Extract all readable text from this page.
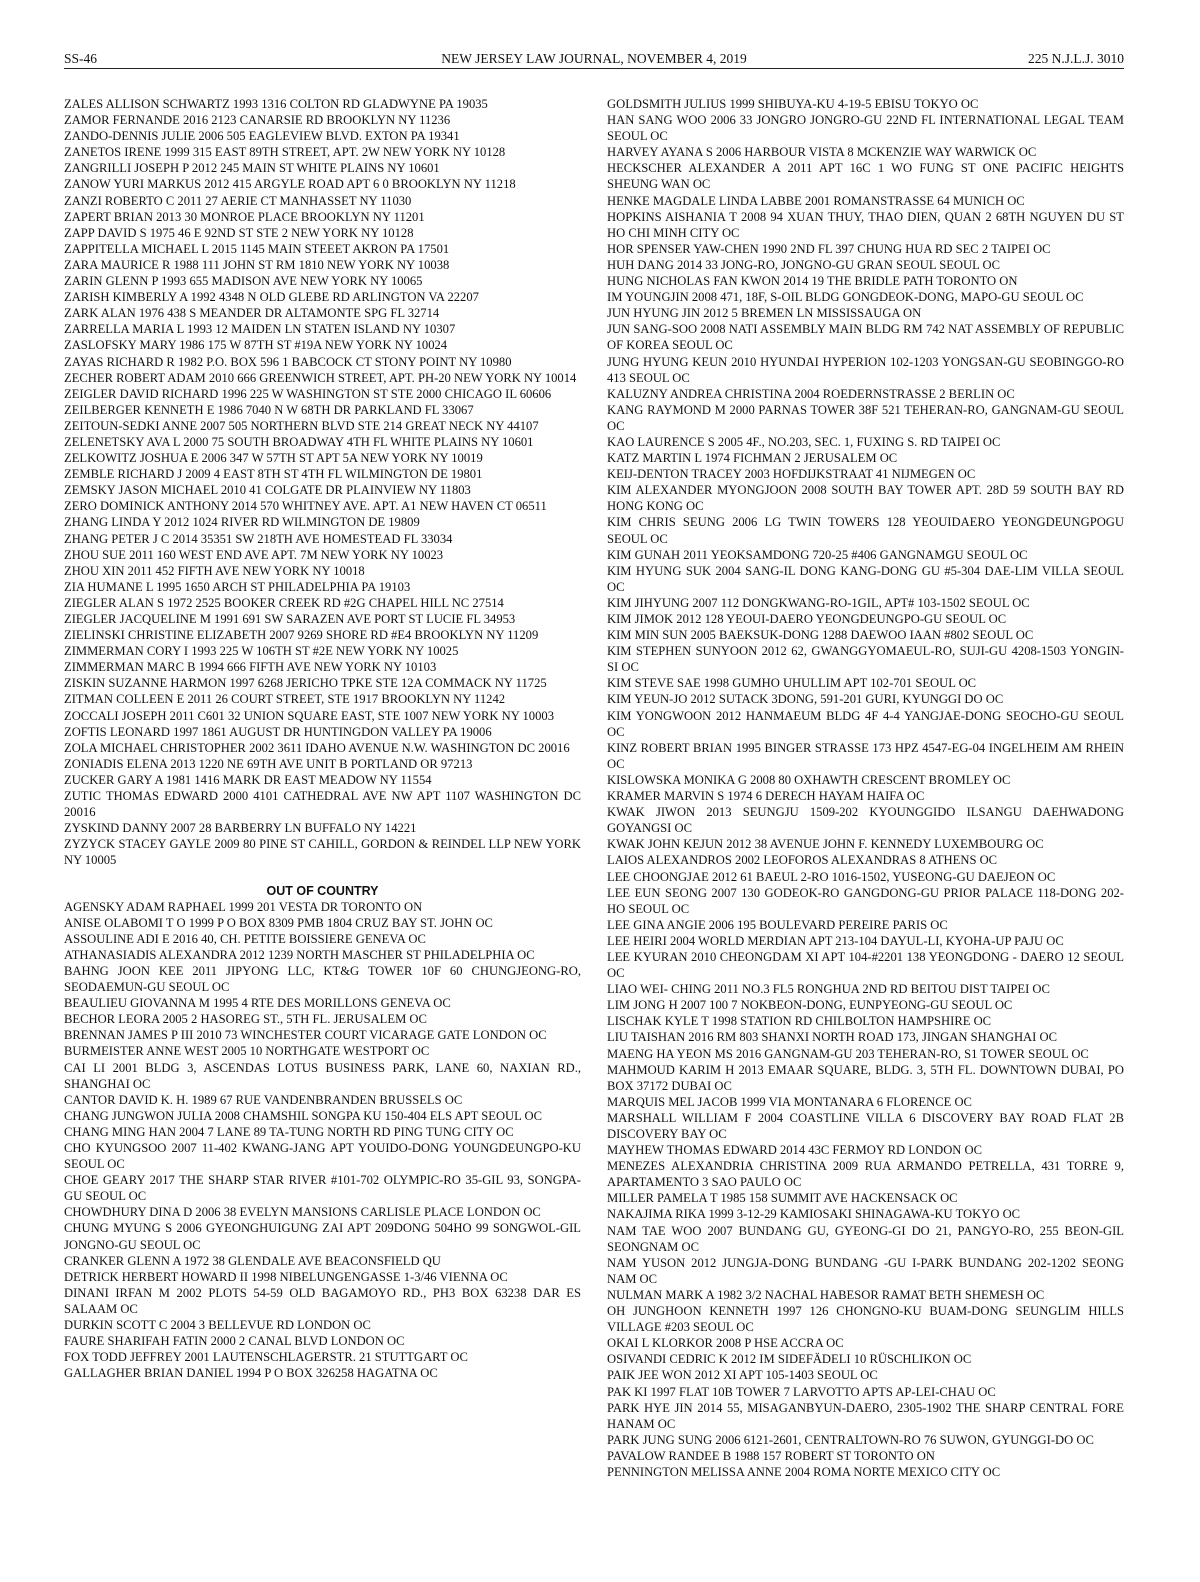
SS-46	NEW JERSEY LAW JOURNAL, NOVEMBER 4, 2019	225 N.J.L.J. 3010

ZALES ALLISON SCHWARTZ 1993 1316 COLTON RD GLADWYNE PA 19035

ZAMOR FERNANDE 2016 2123 CANARSIE RD BROOKLYN NY 11236

ZANDO-DENNIS JULIE 2006 505 EAGLEVIEW BLVD. EXTON PA 19341

ZANETOS IRENE 1999 315 EAST 89TH STREET, APT. 2W NEW YORK NY 10128

ZANGRILLI JOSEPH P 2012 245 MAIN ST WHITE PLAINS NY 10601

ZANOW YURI MARKUS 2012 415 ARGYLE ROAD APT 6 0 BROOKLYN NY 11218

ZANZI ROBERTO C 2011 27 AERIE CT MANHASSET NY 11030

ZAPERT BRIAN 2013 30 MONROE PLACE BROOKLYN NY 11201

ZAPP DAVID S 1975 46 E 92ND ST STE 2 NEW YORK NY 10128

ZAPPITELLA MICHAEL L 2015 1145 MAIN STEEET AKRON PA 17501

ZARA MAURICE R 1988 111 JOHN ST RM 1810 NEW YORK NY 10038

ZARIN GLENN P 1993 655 MADISON AVE NEW YORK NY 10065

ZARISH KIMBERLY A 1992 4348 N OLD GLEBE RD ARLINGTON VA 22207

ZARK ALAN 1976 438 S MEANDER DR ALTAMONTE SPG FL 32714

ZARRELLA MARIA L 1993 12 MAIDEN LN STATEN ISLAND NY 10307

ZASLOFSKY MARY 1986 175 W 87TH ST #19A NEW YORK NY 10024

ZAYAS RICHARD R 1982 P.O. BOX 596 1 BABCOCK CT STONY POINT NY 10980

ZECHER ROBERT ADAM 2010 666 GREENWICH STREET, APT. PH-20 NEW YORK NY 10014

ZEIGLER DAVID RICHARD 1996 225 W WASHINGTON ST STE 2000 CHICAGO IL 60606

ZEILBERGER KENNETH E 1986 7040 N W 68TH DR PARKLAND FL 33067

ZEITOUN-SEDKI ANNE 2007 505 NORTHERN BLVD STE 214 GREAT NECK NY 44107

ZELENETSKY AVA L 2000 75 SOUTH BROADWAY 4TH FL WHITE PLAINS NY 10601

ZELKOWITZ JOSHUA E 2006 347 W 57TH ST APT 5A NEW YORK NY 10019

ZEMBLE RICHARD J 2009 4 EAST 8TH ST 4TH FL WILMINGTON DE 19801

ZEMSKY JASON MICHAEL 2010 41 COLGATE DR PLAINVIEW NY 11803

ZERO DOMINICK ANTHONY 2014 570 WHITNEY AVE. APT. A1 NEW HAVEN CT 06511

ZHANG LINDA Y 2012 1024 RIVER RD WILMINGTON DE 19809

ZHANG PETER J C 2014 35351 SW 218TH AVE HOMESTEAD FL 33034

ZHOU SUE 2011 160 WEST END AVE APT. 7M NEW YORK NY 10023

ZHOU XIN 2011 452 FIFTH AVE NEW YORK NY 10018

ZIA HUMANE L 1995 1650 ARCH ST PHILADELPHIA PA 19103

ZIEGLER ALAN S 1972 2525 BOOKER CREEK RD #2G CHAPEL HILL NC 27514

ZIEGLER JACQUELINE M 1991 691 SW SARAZEN AVE PORT ST LUCIE FL 34953

ZIELINSKI CHRISTINE ELIZABETH 2007 9269 SHORE RD #E4 BROOKLYN NY 11209

ZIMMERMAN CORY I 1993 225 W 106TH ST #2E NEW YORK NY 10025

ZIMMERMAN MARC B 1994 666 FIFTH AVE NEW YORK NY 10103

ZISKIN SUZANNE HARMON 1997 6268 JERICHO TPKE STE 12A COMMACK NY 11725

ZITMAN COLLEEN E 2011 26 COURT STREET, STE 1917 BROOKLYN NY 11242

ZOCCALI JOSEPH 2011 C601 32 UNION SQUARE EAST, STE 1007 NEW YORK NY 10003

ZOFTIS LEONARD 1997 1861 AUGUST DR HUNTINGDON VALLEY PA 19006

ZOLA MICHAEL CHRISTOPHER 2002 3611 IDAHO AVENUE N.W. WASHINGTON DC 20016

ZONIADIS ELENA 2013 1220 NE 69TH AVE UNIT B PORTLAND OR 97213

ZUCKER GARY A 1981 1416 MARK DR EAST MEADOW NY 11554

ZUTIC THOMAS EDWARD 2000 4101 CATHEDRAL AVE NW APT 1107 WASHINGTON DC 20016

ZYSKIND DANNY 2007 28 BARBERRY LN BUFFALO NY 14221

ZYZYCK STACEY GAYLE 2009 80 PINE ST CAHILL, GORDON & REINDEL LLP NEW YORK NY 10005

OUT OF COUNTRY

AGENSKY ADAM RAPHAEL 1999 201 VESTA DR TORONTO ON

ANISE OLABOMI T O 1999 P O BOX 8309 PMB 1804 CRUZ BAY ST. JOHN OC

ASSOULINE ADI E 2016 40, CH. PETITE BOISSIERE GENEVA OC

ATHANASIADIS ALEXANDRA 2012 1239 NORTH MASCHER ST PHILADELPHIA OC

BAHNG JOON KEE 2011 JIPYONG LLC, KT&G TOWER 10F 60 CHUNGJEONG-RO, SEODAEMUN-GU SEOUL OC

BEAULIEU GIOVANNA M 1995 4 RTE DES MORILLONS GENEVA OC

BECHOR LEORA 2005 2 HASOREG ST., 5TH FL. JERUSALEM OC

BRENNAN JAMES P III 2010 73 WINCHESTER COURT VICARAGE GATE LONDON OC

BURMEISTER ANNE WEST 2005 10 NORTHGATE WESTPORT OC

CAI LI 2001 BLDG 3, ASCENDAS LOTUS BUSINESS PARK, LANE 60, NAXIAN RD., SHANGHAI OC

CANTOR DAVID K. H. 1989 67 RUE VANDENBRANDEN BRUSSELS OC

CHANG JUNGWON JULIA 2008 CHAMSHIL SONGPA KU 150-404 ELS APT SEOUL OC

CHANG MING HAN 2004 7 LANE 89 TA-TUNG NORTH RD PING TUNG CITY OC

CHO KYUNGSOO 2007 11-402 KWANG-JANG APT YOUIDO-DONG YOUNGDEUNGPO-KU SEOUL OC

CHOE GEARY 2017 THE SHARP STAR RIVER #101-702 OLYMPIC-RO 35-GIL 93, SONGPA-GU SEOUL OC

CHOWDHURY DINA D 2006 38 EVELYN MANSIONS CARLISLE PLACE LONDON OC

CHUNG MYUNG S 2006 GYEONGHUIGUNG ZAI APT 209DONG 504HO 99 SONGWOL-GIL JONGNO-GU SEOUL OC

CRANKER GLENN A 1972 38 GLENDALE AVE BEACONSFIELD QU

DETRICK HERBERT HOWARD II 1998 NIBELUNGENGASSE 1-3/46 VIENNA OC

DINANI IRFAN M 2002 PLOTS 54-59 OLD BAGAMOYO RD., PH3 BOX 63238 DAR ES SALAAM OC

DURKIN SCOTT C 2004 3 BELLEVUE RD LONDON OC

FAURE SHARIFAH FATIN 2000 2 CANAL BLVD LONDON OC

FOX TODD JEFFREY 2001 LAUTENSCHLAGERSTR. 21 STUTTGART OC

GALLAGHER BRIAN DANIEL 1994 P O BOX 326258 HAGATNA OC

GOLDSMITH JULIUS 1999 SHIBUYA-KU 4-19-5 EBISU TOKYO OC

HAN SANG WOO 2006 33 JONGRO JONGRO-GU 22ND FL INTERNATIONAL LEGAL TEAM SEOUL OC

HARVEY AYANA S 2006 HARBOUR VISTA 8 MCKENZIE WAY WARWICK OC

HECKSCHER ALEXANDER A 2011 APT 16C 1 WO FUNG ST ONE PACIFIC HEIGHTS SHEUNG WAN OC

HENKE MAGDALE LINDA LABBE 2001 ROMANSTRASSE 64 MUNICH OC

HOPKINS AISHANIA T 2008 94 XUAN THUY, THAO DIEN, QUAN 2 68TH NGUYEN DU ST HO CHI MINH CITY OC

HOR SPENSER YAW-CHEN 1990 2ND FL 397 CHUNG HUA RD SEC 2 TAIPEI OC

HUH DANG 2014 33 JONG-RO, JONGNO-GU GRAN SEOUL SEOUL OC

HUNG NICHOLAS FAN KWON 2014 19 THE BRIDLE PATH TORONTO ON

IM YOUNGJIN 2008 471, 18F, S-OIL BLDG GONGDEOK-DONG, MAPO-GU SEOUL OC

JUN HYUNG JIN 2012 5 BREMEN LN MISSISSAUGA ON

JUN SANG-SOO 2008 NATI ASSEMBLY MAIN BLDG RM 742 NAT ASSEMBLY OF REPUBLIC OF KOREA SEOUL OC

JUNG HYUNG KEUN 2010 HYUNDAI HYPERION 102-1203 YONGSAN-GU SEOBINGGO-RO 413 SEOUL OC

KALUZNY ANDREA CHRISTINA 2004 ROEDERNSTRASSE 2 BERLIN OC

KANG RAYMOND M 2000 PARNAS TOWER 38F 521 TEHERAN-RO, GANGNAM-GU SEOUL OC

KAO LAURENCE S 2005 4F., NO.203, SEC. 1, FUXING S. RD TAIPEI OC

KATZ MARTIN L 1974 FICHMAN 2 JERUSALEM OC

KEIJ-DENTON TRACEY 2003 HOFDIJKSTRAAT 41 NIJMEGEN OC

KIM ALEXANDER MYONGJOON 2008 SOUTH BAY TOWER APT. 28D 59 SOUTH BAY RD HONG KONG OC

KIM CHRIS SEUNG 2006 LG TWIN TOWERS 128 YEOUIDAERO YEONGDEUNGPOGU SEOUL OC

KIM GUNAH 2011 YEOKSAMDONG 720-25 #406 GANGNAMGU SEOUL OC

KIM HYUNG SUK 2004 SANG-IL DONG KANG-DONG GU #5-304 DAE-LIM VILLA SEOUL OC

KIM JIHYUNG 2007 112 DONGKWANG-RO-1GIL, APT# 103-1502 SEOUL OC

KIM JIMOK 2012 128 YEOUI-DAERO YEONGDEUNGPO-GU SEOUL OC

KIM MIN SUN 2005 BAEKSUK-DONG 1288 DAEWOO IAAN #802 SEOUL OC

KIM STEPHEN SUNYOON 2012 62, GWANGGYOMAEUL-RO, SUJI-GU 4208-1503 YONGIN-SI OC

KIM STEVE SAE 1998 GUMHO UHULLIM APT 102-701 SEOUL OC

KIM YEUN-JO 2012 SUTACK 3DONG, 591-201 GURI, KYUNGGI DO OC

KIM YONGWOON 2012 HANMAEUM BLDG 4F 4-4 YANGJAE-DONG SEOCHO-GU SEOUL OC

KINZ ROBERT BRIAN 1995 BINGER STRASSE 173 HPZ 4547-EG-04 INGELHEIM AM RHEIN OC

KISLOWSKA MONIKA G 2008 80 OXHAWTH CRESCENT BROMLEY OC

KRAMER MARVIN S 1974 6 DERECH HAYAM HAIFA OC

KWAK JIWON 2013 SEUNGJU 1509-202 KYOUNGGIDO ILSANGU DAEHWADONG GOYANGSI OC

KWAK JOHN KEJUN 2012 38 AVENUE JOHN F. KENNEDY LUXEMBOURG OC

LAIOS ALEXANDROS 2002 LEOFOROS ALEXANDRAS 8 ATHENS OC

LEE CHOONGJAE 2012 61 BAEUL 2-RO 1016-1502, YUSEONG-GU DAEJEON OC

LEE EUN SEONG 2007 130 GODEOK-RO GANGDONG-GU PRIOR PALACE 118-DONG 202-HO SEOUL OC

LEE GINA ANGIE 2006 195 BOULEVARD PEREIRE PARIS OC

LEE HEIRI 2004 WORLD MERDIAN APT 213-104 DAYUL-LI, KYOHA-UP PAJU OC

LEE KYURAN 2010 CHEONGDAM XI APT 104-#2201 138 YEONGDONG - DAERO 12 SEOUL OC

LIAO WEI- CHING 2011 NO.3 FL5 RONGHUA 2ND RD BEITOU DIST TAIPEI OC

LIM JONG H 2007 100 7 NOKBEON-DONG, EUNPYEONG-GU SEOUL OC

LISCHAK KYLE T 1998 STATION RD CHILBOLTON HAMPSHIRE OC

LIU TAISHAN 2016 RM 803 SHANXI NORTH ROAD 173, JINGAN SHANGHAI OC

MAENG HA YEON MS 2016 GANGNAM-GU 203 TEHERAN-RO, S1 TOWER SEOUL OC

MAHMOUD KARIM H 2013 EMAAR SQUARE, BLDG. 3, 5TH FL. DOWNTOWN DUBAI, PO BOX 37172 DUBAI OC

MARQUIS MEL JACOB 1999 VIA MONTANARA 6 FLORENCE OC

MARSHALL WILLIAM F 2004 COASTLINE VILLA 6 DISCOVERY BAY ROAD FLAT 2B DISCOVERY BAY OC

MAYHEW THOMAS EDWARD 2014 43C FERMOY RD LONDON OC

MENEZES ALEXANDRIA CHRISTINA 2009 RUA ARMANDO PETRELLA, 431 TORRE 9, APARTAMENTO 3 SAO PAULO OC

MILLER PAMELA T 1985 158 SUMMIT AVE HACKENSACK OC

NAKAJIMA RIKA 1999 3-12-29 KAMIOSAKI SHINAGAWA-KU TOKYO OC

NAM TAE WOO 2007 BUNDANG GU, GYEONG-GI DO 21, PANGYO-RO, 255 BEON-GIL SEONGNAM OC

NAM YUSON 2012 JUNGJA-DONG BUNDANG -GU I-PARK BUNDANG 202-1202 SEONG NAM OC

NULMAN MARK A 1982 3/2 NACHAL HABESOR RAMAT BETH SHEMESH OC

OH JUNGHOON KENNETH 1997 126 CHONGNO-KU BUAM-DONG SEUNGLIM HILLS VILLAGE #203 SEOUL OC

OKAI L KLORKOR 2008 P HSE ACCRA OC

OSIVANDI CEDRIC K 2012 IM SIDEFÄDELI 10 RÜSCHLIKON OC

PAIK JEE WON 2012 XI APT 105-1403 SEOUL OC

PAK KI 1997 FLAT 10B TOWER 7 LARVOTTO APTS AP-LEI-CHAU OC

PARK HYE JIN 2014 55, MISAGANBYUN-DAERO, 2305-1902 THE SHARP CENTRAL FORE HANAM OC

PARK JUNG SUNG 2006 6121-2601, CENTRALTOWN-RO 76 SUWON, GYUNGGI-DO OC

PAVALOW RANDEE B 1988 157 ROBERT ST TORONTO ON

PENNINGTON MELISSA ANNE 2004 ROMA NORTE MEXICO CITY OC
